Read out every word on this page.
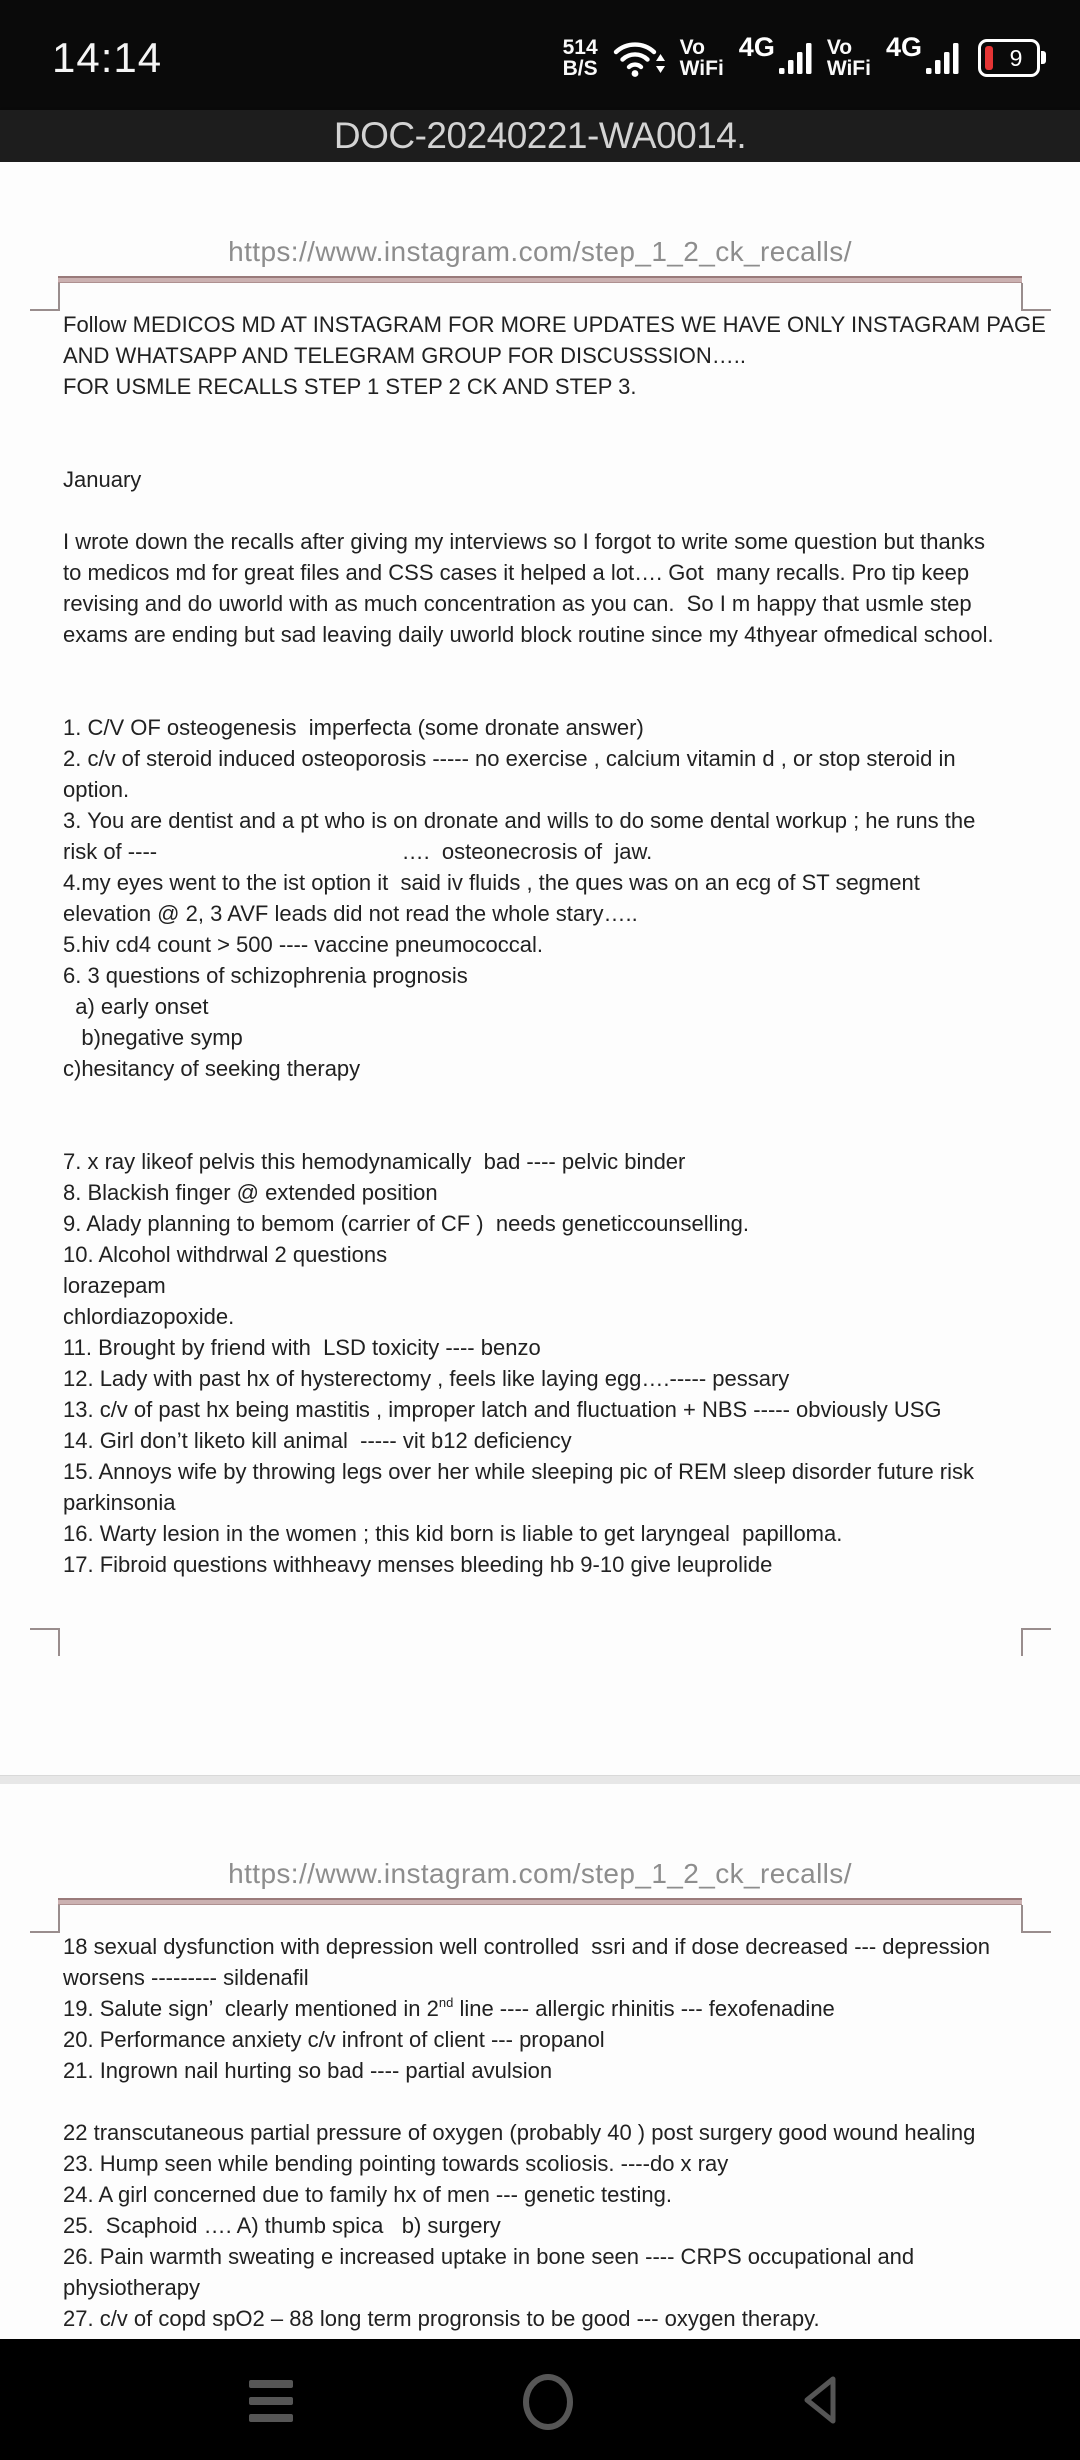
14:14	514
B/S
Vo
WiFi
4G Vo
WiFi
4G	9
DOC-20240221-WA0014.
https://www.instagram.com/step_1_2_ck_recalls/
Follow MEDICOS MD AT INSTAGRAM FOR MORE UPDATES WE HAVE ONLY INSTAGRAM PAGE
AND WHATSAPP AND TELEGRAM GROUP FOR DISCUSSSION…..
FOR USMLE RECALLS STEP 1 STEP 2 CK AND STEP 3.

January

I wrote down the recalls after giving my interviews so I forgot to write some question but thanks
to medicos md for great files and CSS cases it helped a lot…. Got  many recalls. Pro tip keep
revising and do uworld with as much concentration as you can.  So I m happy that usmle step
exams are ending but sad leaving daily uworld block routine since my 4thyear ofmedical school.

1. C/V OF osteogenesis  imperfecta (some dronate answer)
2. c/v of steroid induced osteoporosis ----- no exercise , calcium vitamin d , or stop steroid in
option.
3. You are dentist and a pt who is on dronate and wills to do some dental workup ; he runs the
risk of ----                                        ….  osteonecrosis of  jaw.
4.my eyes went to the ist option it  said iv fluids , the ques was on an ecg of ST segment
elevation @ 2, 3 AVF leads did not read the whole stary…..
5.hiv cd4 count > 500 ---- vaccine pneumococcal.
6. 3 questions of schizophrenia prognosis
a) early onset
b)negative symp
c)hesitancy of seeking therapy

7. x ray likeof pelvis this hemodynamically  bad ---- pelvic binder
8. Blackish finger @ extended position
9. Alady planning to bemom (carrier of CF )  needs geneticcounselling.
10. Alcohol withdrwal 2 questions
lorazepam
chlordiazopoxide.
11. Brought by friend with  LSD toxicity ---- benzo
12. Lady with past hx of hysterectomy , feels like laying egg….----- pessary
13. c/v of past hx being mastitis , improper latch and fluctuation + NBS ----- obviously USG
14. Girl don’t liketo kill animal  ----- vit b12 deficiency
15. Annoys wife by throwing legs over her while sleeping pic of REM sleep disorder future risk
parkinsonia
16. Warty lesion in the women ; this kid born is liable to get laryngeal  papilloma.
17. Fibroid questions withheavy menses bleeding hb 9-10 give leuprolide
https://www.instagram.com/step_1_2_ck_recalls/
18 sexual dysfunction with depression well controlled  ssri and if dose decreased --- depression
worsens --------- sildenafil
19. Salute sign’  clearly mentioned in 2nd line ---- allergic rhinitis --- fexofenadine
20. Performance anxiety c/v infront of client --- propanol
21. Ingrown nail hurting so bad ---- partial avulsion

22 transcutaneous partial pressure of oxygen (probably 40 ) post surgery good wound healing
23. Hump seen while bending pointing towards scoliosis. ----do x ray
24. A girl concerned due to family hx of men --- genetic testing.
25.  Scaphoid …. A) thumb spica   b) surgery
26. Pain warmth sweating e increased uptake in bone seen ---- CRPS occupational and
physiotherapy
27. c/v of copd spO2 – 88 long term progronsis to be good --- oxygen therapy.
